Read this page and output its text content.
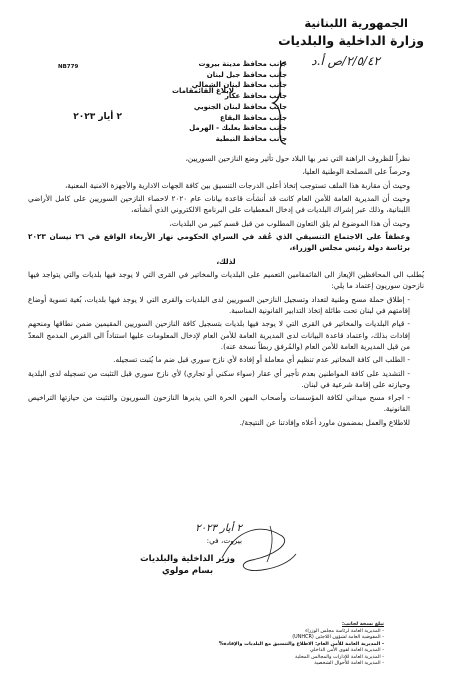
الجمهورية اللبنانية
وزارة الداخلية والبلديات
٢/٥/٤٢/ص أ.د
NB779	جانب محافظ مدينة بيروت
جانب محافظ جبل لبنان
جانب محافظ لبنان الشمالي
جانب محافظ عكار
جانب محافظ لبنان الجنوبي
جانب محافظ البقاع
جانب محافظ بعلبك - الهرمل
جانب محافظ النبطية
لابلاغ القائمقامات
٢ أيار ٢٠٢٣

نظراً للظروف الراهنة التي تمر بها البلاد حول تأثير وضع النازحين السوريين،

وحرصاً على المصلحة الوطنية العليا،

وحيث أن مقاربة هذا الملف تستوجب إتخاذ أعلى الدرجات التنسيق بين كافة الجهات الادارية والأجهزة الامنية المعنية،

وحيث أن المديرية العامة للأمن العام كانت قد أنشأت قاعدة بيانات عام ٢٠٢٠ لاحصاء النازحين السوريين على كامل الأراضي اللبنانية، وذلك عبر إشراك البلديات في إدخال المعطيات على البرنامج الالكتروني الذي أنشأته،

وحيث أن هذا الموضوع لم يلق التعاون المطلوب من قبل قسم كبير من البلديات،

وعطفاً على الاجتماع التنسيقي الذي عُقد في السراي الحكومي نهار الأربعاء الواقع في ٢٦ نيسان ٢٠٢٣ برئاسة دولة رئيس مجلس الوزراء،

لذلك،

يُطلب الى المحافظين الإيعاز الى القائمقامين التعميم على البلديات والمخاتير في القرى التي لا يوجد فيها بلديات والتي يتواجد فيها نازحون سوريون إعتماد ما يلي:

- إطلاق حملة مسح وطنية لتعداد وتسجيل النازحين السوريين لدى البلديات والقرى التي لا يوجد فيها بلديات، بُغية تسوية أوضاع إقامتهم في لبنان تحت طائلة إتخاذ التدابير القانونية المناسبة.

- قيام البلديات والمخاتير في القرى التي لا يوجد فيها بلديات بتسجيل كافة النازحين السوريين المقيمين ضمن نطاقها ومنحهم إفادات بذلك، واعتماد قاعدة البيانات لدى المديرية العامة للأمن العام لإدخال المعلومات عليها استناداً الى القرص المدمج المعدّ من قبل المديرية العامة للأمن العام (والمُرفق ربطاً نسخة عنه).

- الطلب الى كافة المخاتير عدم تنظيم أي معاملة أو إفادة لأي نازح سوري قبل ضم ما يُثبت تسجيله.

- التشديد على كافة المواطنين بعدم تأجير أي عقار (سواء سكني أو تجاري) لأي نازح سوري قبل التثبت من تسجيله لدى البلدية وحيازته على إقامة شرعية في لبنان.

- اجراء مسح ميداني لكافة المؤسسات وأصحاب المهن الحرة التي يديرها النازحون السوريون والتثبت من حيازتها التراخيص القانونية.

للاطلاع والعمل بمضمون ماورد أعلاه وإفادتنا عن النتيجة/.

٢ أيار ٢٠٢٣
بيروت، في:
وزير الداخلية والبلديات
بسام مولوي
تبلغ نسخة لجانب:
- المديرية العامة لرئاسة مجلس الوزراء
- المفوضية العامة لشؤون اللاجئين (UNHCR)
- المديرية العامة للأمن العام: الاطلاع والتنسيق مع البلديات والإفادة%
- المديرية العامة لقوى الأمن الداخلي
- المديرية العامة للإدارات والمجالس المحلية
- المديرية العامة للأحوال الشخصية
